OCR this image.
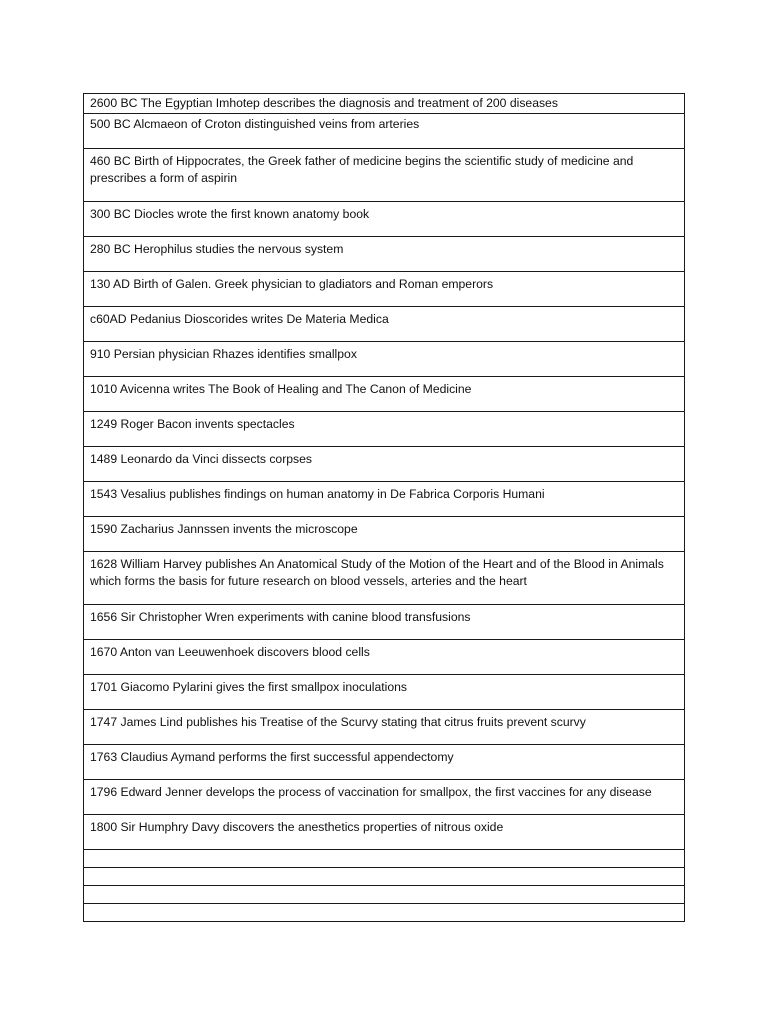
2600 BC The Egyptian Imhotep describes the diagnosis and treatment of 200 diseases
500 BC Alcmaeon of Croton distinguished veins from arteries
460 BC Birth of Hippocrates, the Greek father of medicine begins the scientific study of medicine and prescribes a form of aspirin
300 BC Diocles wrote the first known anatomy book
280 BC Herophilus studies the nervous system
130 AD Birth of Galen. Greek physician to gladiators and Roman emperors
c60AD Pedanius Dioscorides writes De Materia Medica
910 Persian physician Rhazes identifies smallpox
1010 Avicenna writes The Book of Healing and The Canon of Medicine
1249 Roger Bacon invents spectacles
1489 Leonardo da Vinci dissects corpses
1543 Vesalius publishes findings on human anatomy in De Fabrica Corporis Humani
1590 Zacharius Jannssen invents the microscope
1628 William Harvey publishes An Anatomical Study of the Motion of the Heart and of the Blood in Animals which forms the basis for future research on blood vessels, arteries and the heart
1656 Sir Christopher Wren experiments with canine blood transfusions
1670 Anton van Leeuwenhoek discovers blood cells
1701 Giacomo Pylarini gives the first smallpox inoculations
1747 James Lind publishes his Treatise of the Scurvy stating that citrus fruits prevent scurvy
1763 Claudius Aymand performs the first successful appendectomy
1796 Edward Jenner develops the process of vaccination for smallpox, the first vaccines for any disease
1800 Sir Humphry Davy discovers the anesthetics properties of nitrous oxide
